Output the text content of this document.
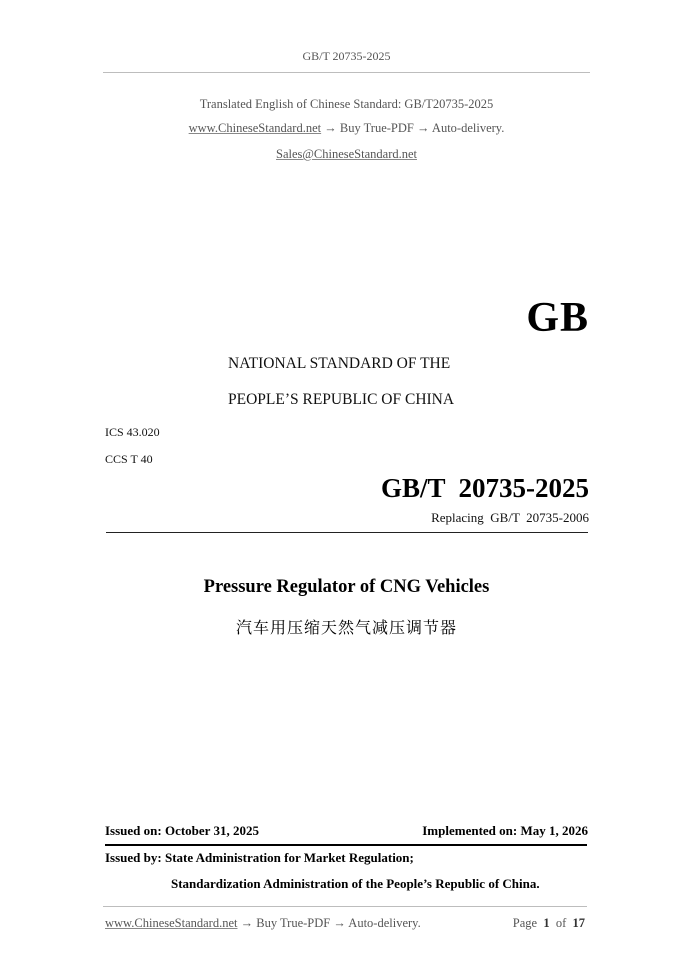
GB/T 20735-2025
Translated English of Chinese Standard: GB/T20735-2025
www.ChineseStandard.net → Buy True-PDF → Auto-delivery.
Sales@ChineseStandard.net
GB
NATIONAL STANDARD OF THE
PEOPLE’S REPUBLIC OF CHINA
ICS 43.020
CCS T 40
GB/T  20735-2025
Replacing  GB/T  20735-2006
Pressure Regulator of CNG Vehicles
汽车用压缩天然气减压调节器
Issued on: October 31, 2025	Implemented on: May 1, 2026
Issued by: State Administration for Market Regulation;
Standardization Administration of the People’s Republic of China.
www.ChineseStandard.net → Buy True-PDF → Auto-delivery.	Page 1 of 17
